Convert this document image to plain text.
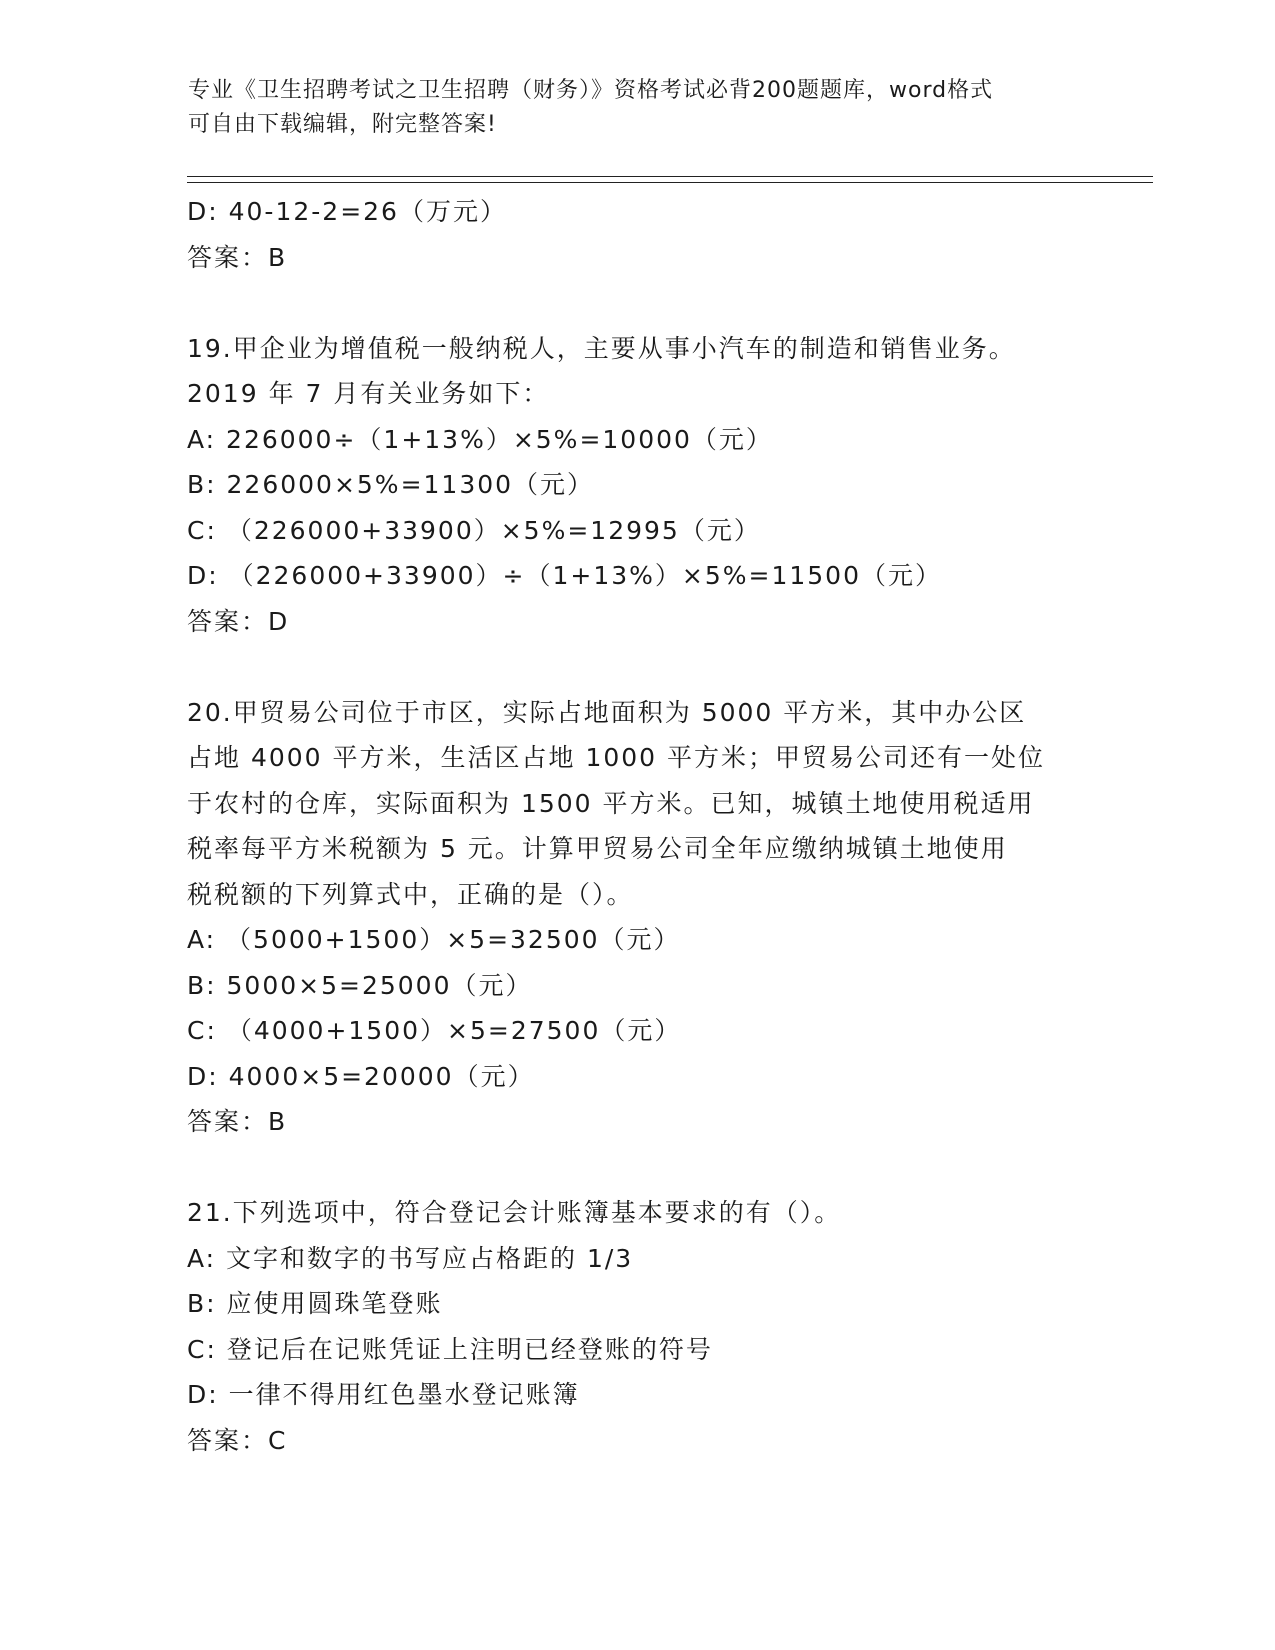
专业《卫生招聘考试之卫生招聘（财务）》资格考试必背200题题库，word格式
可自由下载编辑，附完整答案!
D: 40-12-2=26（万元）
答案：B
19.甲企业为增值税一般纳税人，主要从事小汽车的制造和销售业务。
2019 年 7 月有关业务如下：
A: 226000÷（1+13%）×5%=10000（元）
B: 226000×5%=11300（元）
C: （226000+33900）×5%=12995（元）
D: （226000+33900）÷（1+13%）×5%=11500（元）
答案：D
20.甲贸易公司位于市区，实际占地面积为 5000 平方米，其中办公区
占地 4000 平方米，生活区占地 1000 平方米；甲贸易公司还有一处位
于农村的仓库，实际面积为 1500 平方米。已知，城镇土地使用税适用
税率每平方米税额为 5 元。计算甲贸易公司全年应缴纳城镇土地使用
税税额的下列算式中，正确的是（）。
A: （5000+1500）×5=32500（元）
B: 5000×5=25000（元）
C: （4000+1500）×5=27500（元）
D: 4000×5=20000（元）
答案：B
21.下列选项中，符合登记会计账簿基本要求的有（）。
A: 文字和数字的书写应占格距的 1/3
B: 应使用圆珠笔登账
C: 登记后在记账凭证上注明已经登账的符号
D: 一律不得用红色墨水登记账簿
答案：C
